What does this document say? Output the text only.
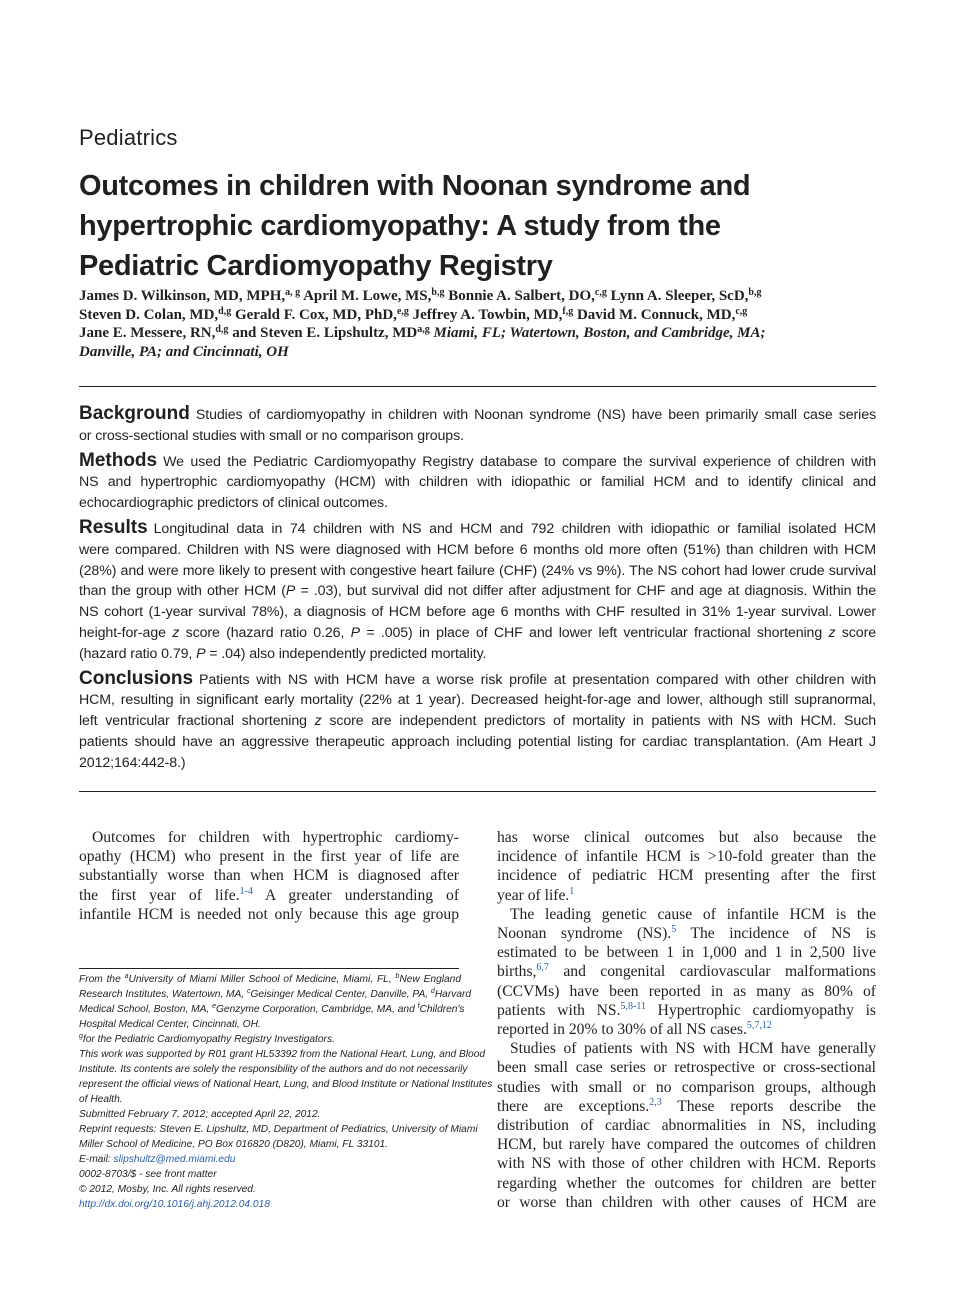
Pediatrics
Outcomes in children with Noonan syndrome and
hypertrophic cardiomyopathy: A study from the
Pediatric Cardiomyopathy Registry
James D. Wilkinson, MD, MPH,$^{a, g}$ April M. Lowe, MS,$^{b,g}$ Bonnie A. Salbert, DO,$^{c,g}$ Lynn A. Sleeper, ScD,$^{b,g}$
Steven D. Colan, MD,$^{d,g}$ Gerald F. Cox, MD, PhD,$^{e,g}$ Jeffrey A. Towbin, MD,$^{f,g}$ David M. Connuck, MD,$^{c,g}$
Jane E. Messere, RN,$^{d,g}$ and Steven E. Lipshultz, MD$^{a,g}$ Miami, FL; Watertown, Boston, and Cambridge, MA;
Danville, PA; and Cincinnati, OH
Background Studies of cardiomyopathy in children with Noonan syndrome (NS) have been primarily small case series
or cross-sectional studies with small or no comparison groups.
Methods We used the Pediatric Cardiomyopathy Registry database to compare the survival experience of children with
NS and hypertrophic cardiomyopathy (HCM) with children with idiopathic or familial HCM and to identify clinical and
echocardiographic predictors of clinical outcomes.
Results Longitudinal data in 74 children with NS and HCM and 792 children with idiopathic or familial isolated HCM
were compared. Children with NS were diagnosed with HCM before 6 months old more often (51%) than children with HCM
(28%) and were more likely to present with congestive heart failure (CHF) (24% vs 9%). The NS cohort had lower crude survival
than the group with other HCM (P = .03), but survival did not differ after adjustment for CHF and age at diagnosis. Within the
NS cohort (1-year survival 78%), a diagnosis of HCM before age 6 months with CHF resulted in 31% 1-year survival. Lower
height-for-age z score (hazard ratio 0.26, P = .005) in place of CHF and lower left ventricular fractional shortening z score
(hazard ratio 0.79, P = .04) also independently predicted mortality.
Conclusions Patients with NS with HCM have a worse risk profile at presentation compared with other children with
HCM, resulting in significant early mortality (22% at 1 year). Decreased height-for-age and lower, although still supranormal,
left ventricular fractional shortening z score are independent predictors of mortality in patients with NS with HCM. Such
patients should have an aggressive therapeutic approach including potential listing for cardiac transplantation. (Am Heart J
2012;164:442-8.)
Outcomes for children with hypertrophic cardiomy-
opathy (HCM) who present in the first year of life are
substantially worse than when HCM is diagnosed after
the first year of life.$^{1-4}$ A greater understanding of
infantile HCM is needed not only because this age group
From the $^a$University of Miami Miller School of Medicine, Miami, FL, $^b$New England
Research Institutes, Watertown, MA, $^c$Geisinger Medical Center, Danville, PA, $^d$Harvard
Medical School, Boston, MA, $^e$Genzyme Corporation, Cambridge, MA, and $^f$Children's
Hospital Medical Center, Cincinnati, OH.
$^g$for the Pediatric Cardiomyopathy Registry Investigators.
This work was supported by R01 grant HL53392 from the National Heart, Lung, and Blood
Institute. Its contents are solely the responsibility of the authors and do not necessarily
represent the official views of National Heart, Lung, and Blood Institute or National Institutes
of Health.
Submitted February 7, 2012; accepted April 22, 2012.
Reprint requests: Steven E. Lipshultz, MD, Department of Pediatrics, University of Miami
Miller School of Medicine, PO Box 016820 (D820), Miami, FL 33101.
E-mail: slipshultz@med.miami.edu
0002-8703/$ - see front matter
© 2012, Mosby, Inc. All rights reserved.
http://dx.doi.org/10.1016/j.ahj.2012.04.018
has worse clinical outcomes but also because the
incidence of infantile HCM is >10-fold greater than the
incidence of pediatric HCM presenting after the first
year of life.$^1$
The leading genetic cause of infantile HCM is the
Noonan syndrome (NS).$^5$ The incidence of NS is
estimated to be between 1 in 1,000 and 1 in 2,500 live
births,$^{6,7}$ and congenital cardiovascular malformations
(CCVMs) have been reported in as many as 80% of
patients with NS.$^{5,8-11}$ Hypertrophic cardiomyopathy is
reported in 20% to 30% of all NS cases.$^{5,7,12}$
Studies of patients with NS with HCM have generally
been small case series or retrospective or cross-sectional
studies with small or no comparison groups, although
there are exceptions.$^{2,3}$ These reports describe the
distribution of cardiac abnormalities in NS, including
HCM, but rarely have compared the outcomes of children
with NS with those of other children with HCM. Reports
regarding whether the outcomes for children are better
or worse than children with other causes of HCM are
